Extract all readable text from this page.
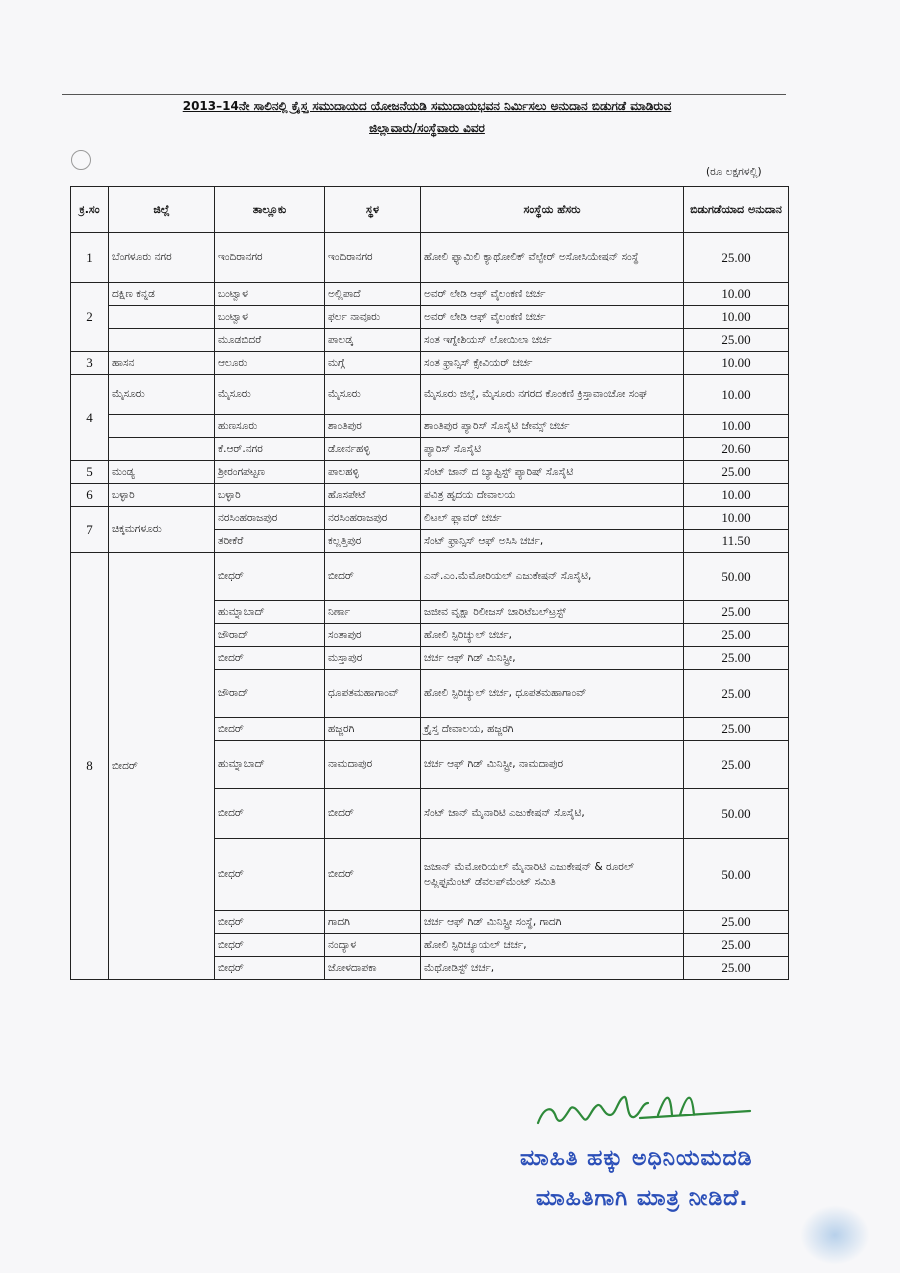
2013–14ನೇ ಸಾಲಿನಲ್ಲಿ ಕ್ರೈಸ್ತ ಸಮುದಾಯದ ಯೋಜನೆಯಡಿ ಸಮುದಾಯಭವನ ನಿರ್ಮಿಸಲು ಅನುದಾನ ಬಿಡುಗಡೆ ಮಾಡಿರುವ
ಜಿಲ್ಲಾವಾರು/ಸಂಸ್ಥೆವಾರು ವಿವರ
(ರೂ ಲಕ್ಷಗಳಲ್ಲಿ)
ಕ್ರ.ಸಂ	ಜಿಲ್ಲೆ	ತಾಲ್ಲೂಕು	ಸ್ಥಳ	ಸಂಸ್ಥೆಯ ಹೆಸರು	ಬಿಡುಗಡೆಯಾದ ಅನುದಾನ
1	ಬೆಂಗಳೂರು ನಗರ	ಇಂದಿರಾನಗರ	ಇಂದಿರಾನಗರ	ಹೋಲಿ ಫ್ಯಾಮಿಲಿ ಕ್ಯಾಥೋಲಿಕ್ ವೆಲ್ಫೇರ್ ಅಸೋಸಿಯೇಷನ್ ಸಂಸ್ಥೆ	25.00
2	ದಕ್ಷಿಣ ಕನ್ನಡ	ಬಂಟ್ವಾಳ	ಅಲ್ಲಿಪಾದೆ	ಅವರ್ ಲೇಡಿ ಆಫ್ ವೈಲಂಕಣಿ ಚರ್ಚ	10.00
		ಬಂಟ್ವಾಳ	ಫರ್ಲ ನಾವೂರು	ಅವರ್ ಲೇಡಿ ಆಫ್ ವೈಲಂಕಣಿ ಚರ್ಚ	10.00
		ಮೂಡಬಿದರೆ	ಪಾಲಡ್ಕ	ಸಂತ ಇಗ್ನೇಶಿಯಸ್ ಲೋಯಿಲಾ ಚರ್ಚ	25.00
3	ಹಾಸನ	ಆಲೂರು	ಮಗ್ಗೆ	ಸಂತ ಫ್ರಾನ್ಸಿಸ್ ಕ್ಸೇವಿಯರ್ ಚರ್ಚ	10.00
4	ಮೈಸೂರು	ಮೈಸೂರು	ಮೈಸೂರು	ಮೈಸೂರು ಜಿಲ್ಲೆ, ಮೈಸೂರು ನಗರದ ಕೊಂಕಣಿ ಕ್ರಿಸ್ತಾವಾಂಚೋ ಸಂಘ	10.00
		ಹುಣಸೂರು	ಶಾಂತಿಪುರ	ಶಾಂತಿಪುರ ಪ್ಯಾರಿಸ್ ಸೊಸೈಟಿ ಜೇಮ್ಸ್ ಚರ್ಚ	10.00
		ಕೆ.ಆರ್.ನಗರ	ಡೋರ್ನಹಳ್ಳಿ	ಪ್ಯಾರಿಸ್ ಸೊಸೈಟಿ	20.60
5	ಮಂಡ್ಯ	ಶ್ರೀರಂಗಪಟ್ಟಣ	ಪಾಲಹಳ್ಳಿ	ಸೆಂಟ್ ಜಾನ್ ದ ಬ್ಯಾಪ್ಟಿಸ್ಟ್ ಪ್ಯಾರಿಷ್ ಸೊಸೈಟಿ	25.00
6	ಬಳ್ಳಾರಿ	ಬಳ್ಳಾರಿ	ಹೊಸಪೇಟೆ	ಪವಿತ್ರ ಹೃದಯ ದೇವಾಲಯ	10.00
7	ಚಿಕ್ಕಮಗಳೂರು	ನರಸಿಂಹರಾಜಪುರ	ನರಸಿಂಹರಾಜಪುರ	ಲಿಟಲ್ ಫ್ಲಾವರ್ ಚರ್ಚ	10.00
		ತರೀಕೆರೆ	ಕಲ್ಲತ್ತಿಪುರ	ಸೆಂಟ್ ಫ್ರಾನ್ಸಿಸ್ ಆಫ್ ಅಸಿಸಿ ಚರ್ಚ,	11.50
8	ಬೀದರ್	ಬೀಧರ್	ಬೀದರ್	ಎನ್.ಎಂ.ಮೆಮೋರಿಯಲ್ ಎಜುಕೇಷನ್ ಸೊಸೈಟಿ,	50.00
		ಹುಮ್ನಾಬಾದ್	ನಿರ್ಣಾ	ಜಜೀವ ವೃಕ್ಷಾ ರಿಲೀಜಸ್ ಚಾರಿಟೆಬಲ್‌ಟ್ರಸ್ಟ್	25.00
		ಜೌರಾದ್	ಸಂತಾಪುರ	ಹೋಲಿ ಸ್ಪಿರಿಚ್ಯುಲ್ ಚರ್ಚ,	25.00
		ಬೀದರ್	ಮಸ್ತಾಪುರ	ಚರ್ಚ ಆಫ್ ಗಿಡ್ ಮಿನಿಸ್ಟ್ರೀ,	25.00
		ಜೌರಾದ್	ಧೂಪತಮಹಾಗಾಂವ್	ಹೋಲಿ ಸ್ಪಿರಿಚ್ಯುಲ್ ಚರ್ಚ, ಧೂಪತಮಹಾಗಾಂವ್	25.00
		ಬೀದರ್	ಹಜ್ಜರಗಿ	ಕ್ರೈಸ್ತ ದೇವಾಲಯ, ಹಜ್ಜರಗಿ	25.00
		ಹುಮ್ನಾಬಾದ್	ನಾಮದಾಪುರ	ಚರ್ಚ ಆಫ್ ಗಿಡ್ ಮಿನಿಸ್ಟ್ರೀ, ನಾಮದಾಪುರ	25.00
		ಬೀದರ್	ಬೀದರ್	ಸೆಂಟ್ ಜಾನ್ ಮೈನಾರಿಟಿ ಎಜುಕೇಷನ್ ಸೊಸೈಟಿ,	50.00
		ಬೀಧರ್	ಬೀದರ್	ಜಜಾನ್ ಮೆಮೋರಿಯಲ್ ಮೈನಾರಿಟಿ ಎಜುಕೇಷನ್ & ರೂರಲ್ ಅಪ್ಲಿಫ್ಟಮೆಂಟ್ ಡೆವಲಪ್‌ಮೆಂಟ್ ಸಮಿತಿ	50.00
		ಬೀಧರ್	ಗಾದಗಿ	ಚರ್ಚ ಆಫ್ ಗಿಡ್ ಮಿನಿಸ್ಟ್ರೀ ಸಂಸ್ಥೆ, ಗಾದಗಿ	25.00
		ಬೀಧರ್	ನಂದ್ಯಾಳ	ಹೋಲಿ ಸ್ಪಿರಿಚ್ಯೂಯಲ್ ಚರ್ಚ,	25.00
		ಬೀಧರ್	ಜೋಳದಾಪಕಾ	ಮೆಥೋಡಿಸ್ಟ್ ಚರ್ಚ,	25.00
ಮಾಹಿತಿ ಹಕ್ಕು ಅಧಿನಿಯಮದಡಿ
ಮಾಹಿತಿಗಾಗಿ ಮಾತ್ರ ನೀಡಿದೆ.
